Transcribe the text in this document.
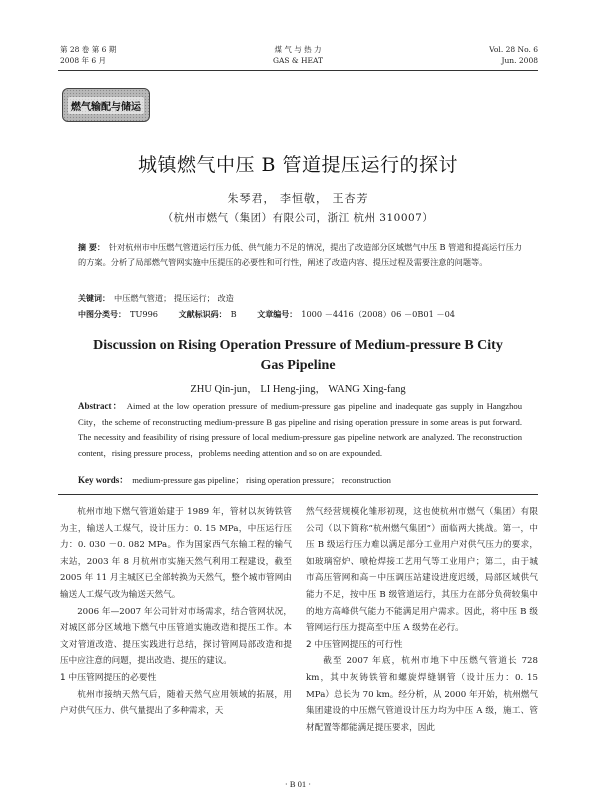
第 28 卷 第 6 期
2008 年 6 月
煤 气 与 热 力
GAS & HEAT
Vol. 28 No. 6
Jun. 2008
燃气输配与储运
城镇燃气中压 B 管道提压运行的探讨
朱琴君， 李恒敬， 王杏芳
（杭州市燃气（集团）有限公司，浙江 杭州 310007）
摘 要： 针对杭州市中压燃气管道运行压力低、供气能力不足的情况，提出了改造部分区域燃气中压 B 管道和提高运行压力的方案。分析了局部燃气管网实施中压提压的必要性和可行性，阐述了改造内容、提压过程及需要注意的问题等。
关键词： 中压燃气管道； 提压运行； 改造
中图分类号： TU996	文献标识码： B	文章编号： 1000 －4416（2008）06 －0B01 －04
Discussion on Rising Operation Pressure of Medium-pressure B City Gas Pipeline
ZHU Qin-jun， LI Heng-jing， WANG Xing-fang
Abstract： Aimed at the low operation pressure of medium-pressure gas pipeline and inadequate gas supply in Hangzhou City，the scheme of reconstructing medium-pressure B gas pipeline and rising operation pressure in some areas is put forward. The necessity and feasibility of rising pressure of local medium-pressure gas pipeline network are analyzed. The reconstruction content，rising pressure process，problems needing attention and so on are expounded.
Key words： medium-pressure gas pipeline； rising operation pressure； reconstruction

杭州市地下燃气管道始建于 1989 年，管材以灰铸铁管为主，输送人工煤气，设计压力：0. 15 MPa，中压运行压力：0. 030 －0. 082 MPa。作为国家西气东输工程的输气末站，2003 年 8 月杭州市实施天然气利用工程建设，截至 2005 年 11 月主城区已全部转换为天然气，整个城市管网由输送人工煤气改为输送天然气。

2006 年—2007 年公司针对市场需求，结合管网状况，对城区部分区域地下燃气中压管道实施改造和提压工作。本文对管道改造、提压实践进行总结，探讨管网局部改造和提压中应注意的问题，提出改造、提压的建议。

1 中压管网提压的必要性

杭州市接纳天然气后，随着天然气应用领域的拓展，用户对供气压力、供气量提出了多种需求，天

然气经营规模化雏形初现，这也使杭州市燃气（集团）有限公司（以下简称“杭州燃气集团”）面临两大挑战。第一，中压 B 级运行压力难以满足部分工业用户对供气压力的要求，如玻璃窑炉、喷枪焊接工艺用气等工业用户；第二，由于城市高压管网和高－中压调压站建设进度迟缓，局部区域供气能力不足，按中压 B 级管道运行，其压力在部分负荷较集中的地方高峰供气能力不能满足用户需求。因此，将中压 B 级管网运行压力提高至中压 A 级势在必行。

2 中压管网提压的可行性

截至 2007 年底，杭州市地下中压燃气管道长 728 km，其中灰铸铁管和螺旋焊缝钢管（设计压力：0. 15 MPa）总长为 70 km。经分析，从 2000 年开始，杭州燃气集团建设的中压燃气管道设计压力均为中压 A 级，施工、管材配置等都能满足提压要求，因此

· B 01 ·
